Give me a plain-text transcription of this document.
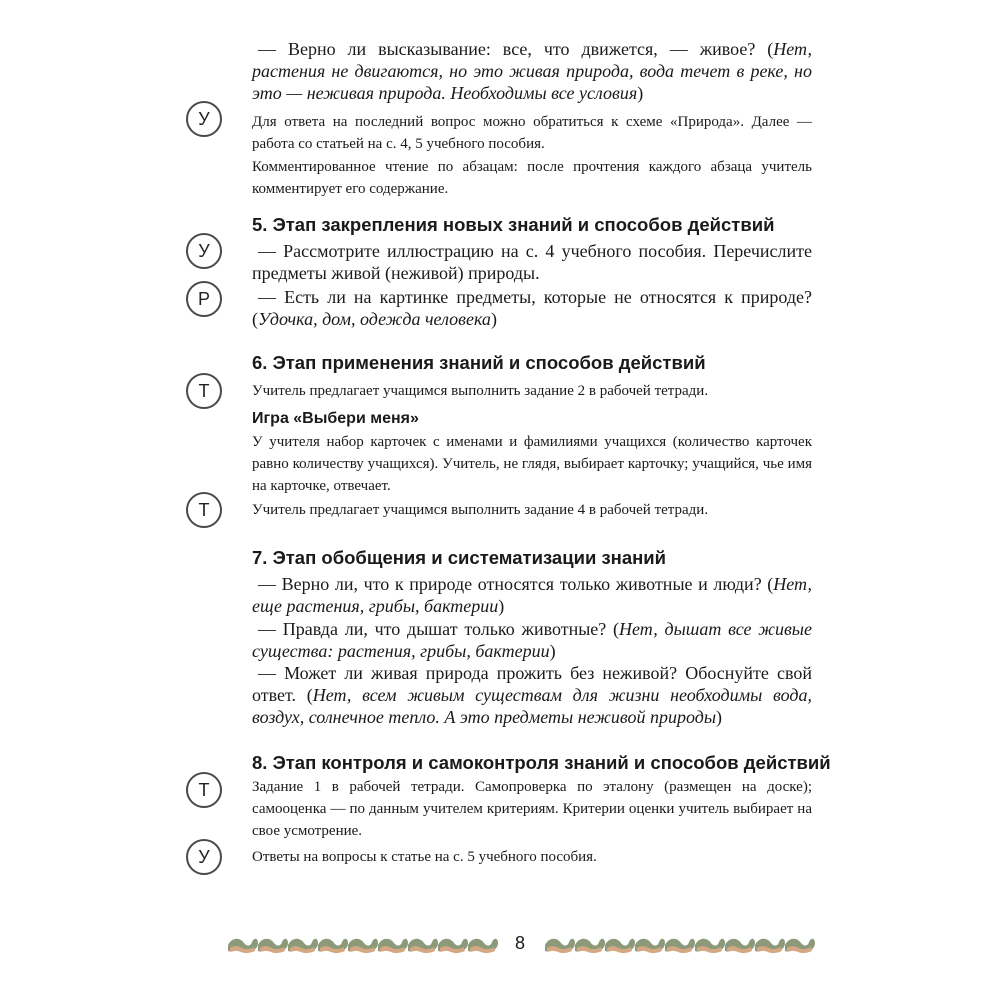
У
У
Р
Т
Т
Т
У

— Верно ли высказывание: все, что движется, — живое? (Нет, растения не двигаются, но это живая природа, вода течет в реке, но это — неживая природа. Необходимы все условия)

Для ответа на последний вопрос можно обратиться к схеме «Природа». Далее — работа со статьей на с. 4, 5 учебного пособия.

Комментированное чтение по абзацам: после прочтения каждого абзаца учитель комментирует его содержание.

5. Этап закрепления новых знаний и способов действий

— Рассмотрите иллюстрацию на с. 4 учебного пособия. Перечислите предметы живой (неживой) природы.

— Есть ли на картинке предметы, которые не относятся к природе? (Удочка, дом, одежда человека)

6. Этап применения знаний и способов действий

Учитель предлагает учащимся выполнить задание 2 в рабочей тетради.

Игра «Выбери меня»

У учителя набор карточек с именами и фамилиями учащихся (количество карточек равно количеству учащихся). Учитель, не глядя, выбирает карточку; учащийся, чье имя на карточке, отвечает.

Учитель предлагает учащимся выполнить задание 4 в рабочей тетради.

7. Этап обобщения и систематизации знаний

— Верно ли, что к природе относятся только животные и люди? (Нет, еще растения, грибы, бактерии)

— Правда ли, что дышат только животные? (Нет, дышат все живые существа: растения, грибы, бактерии)

— Может ли живая природа прожить без неживой? Обоснуйте свой ответ. (Нет, всем живым существам для жизни необходимы вода, воздух, солнечное тепло. А это предметы неживой природы)

8. Этап контроля и самоконтроля знаний и способов действий

Задание 1 в рабочей тетради. Самопроверка по эталону (размещен на доске); самооценка — по данным учителем критериям. Критерии оценки учитель выбирает на свое усмотрение.

Ответы на вопросы к статье на с. 5 учебного пособия.

8
